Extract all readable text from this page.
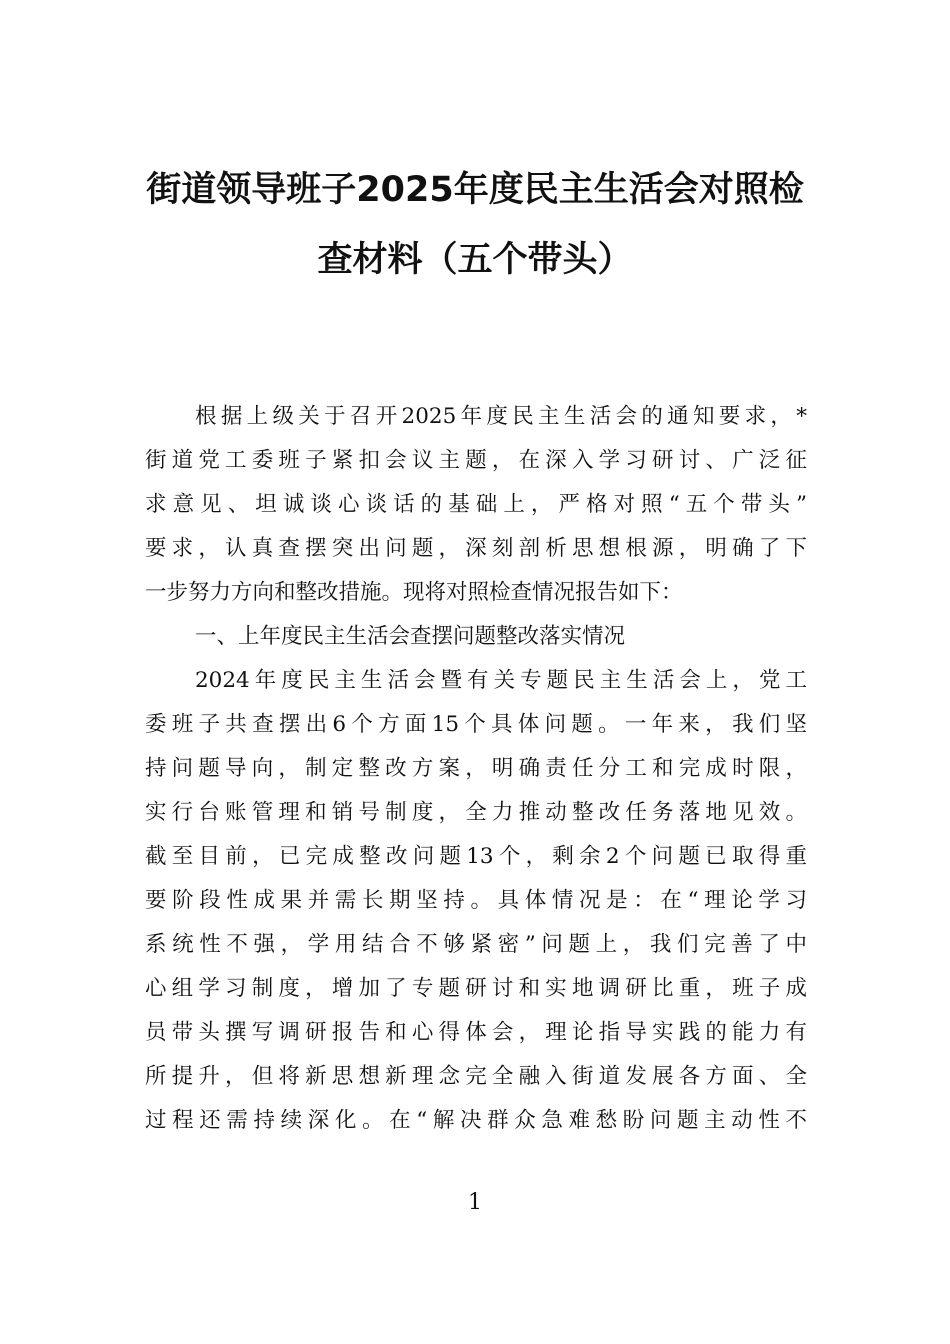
街道领导班子2025年度民主生活会对照检
查材料（五个带头）
根据上级关于召开2025年度民主生活会的通知要求，*
街道党工委班子紧扣会议主题，在深入学习研讨、广泛征
求意见、坦诚谈心谈话的基础上，严格对照“五个带头”
要求，认真查摆突出问题，深刻剖析思想根源，明确了下
一步努力方向和整改措施。现将对照检查情况报告如下：
一、上年度民主生活会查摆问题整改落实情况
2024年度民主生活会暨有关专题民主生活会上，党工
委班子共查摆出6个方面15个具体问题。一年来，我们坚
持问题导向，制定整改方案，明确责任分工和完成时限，
实行台账管理和销号制度，全力推动整改任务落地见效。
截至目前，已完成整改问题13个，剩余2个问题已取得重
要阶段性成果并需长期坚持。具体情况是：在“理论学习
系统性不强，学用结合不够紧密”问题上，我们完善了中
心组学习制度，增加了专题研讨和实地调研比重，班子成
员带头撰写调研报告和心得体会，理论指导实践的能力有
所提升，但将新思想新理念完全融入街道发展各方面、全
过程还需持续深化。在“解决群众急难愁盼问题主动性不
1
